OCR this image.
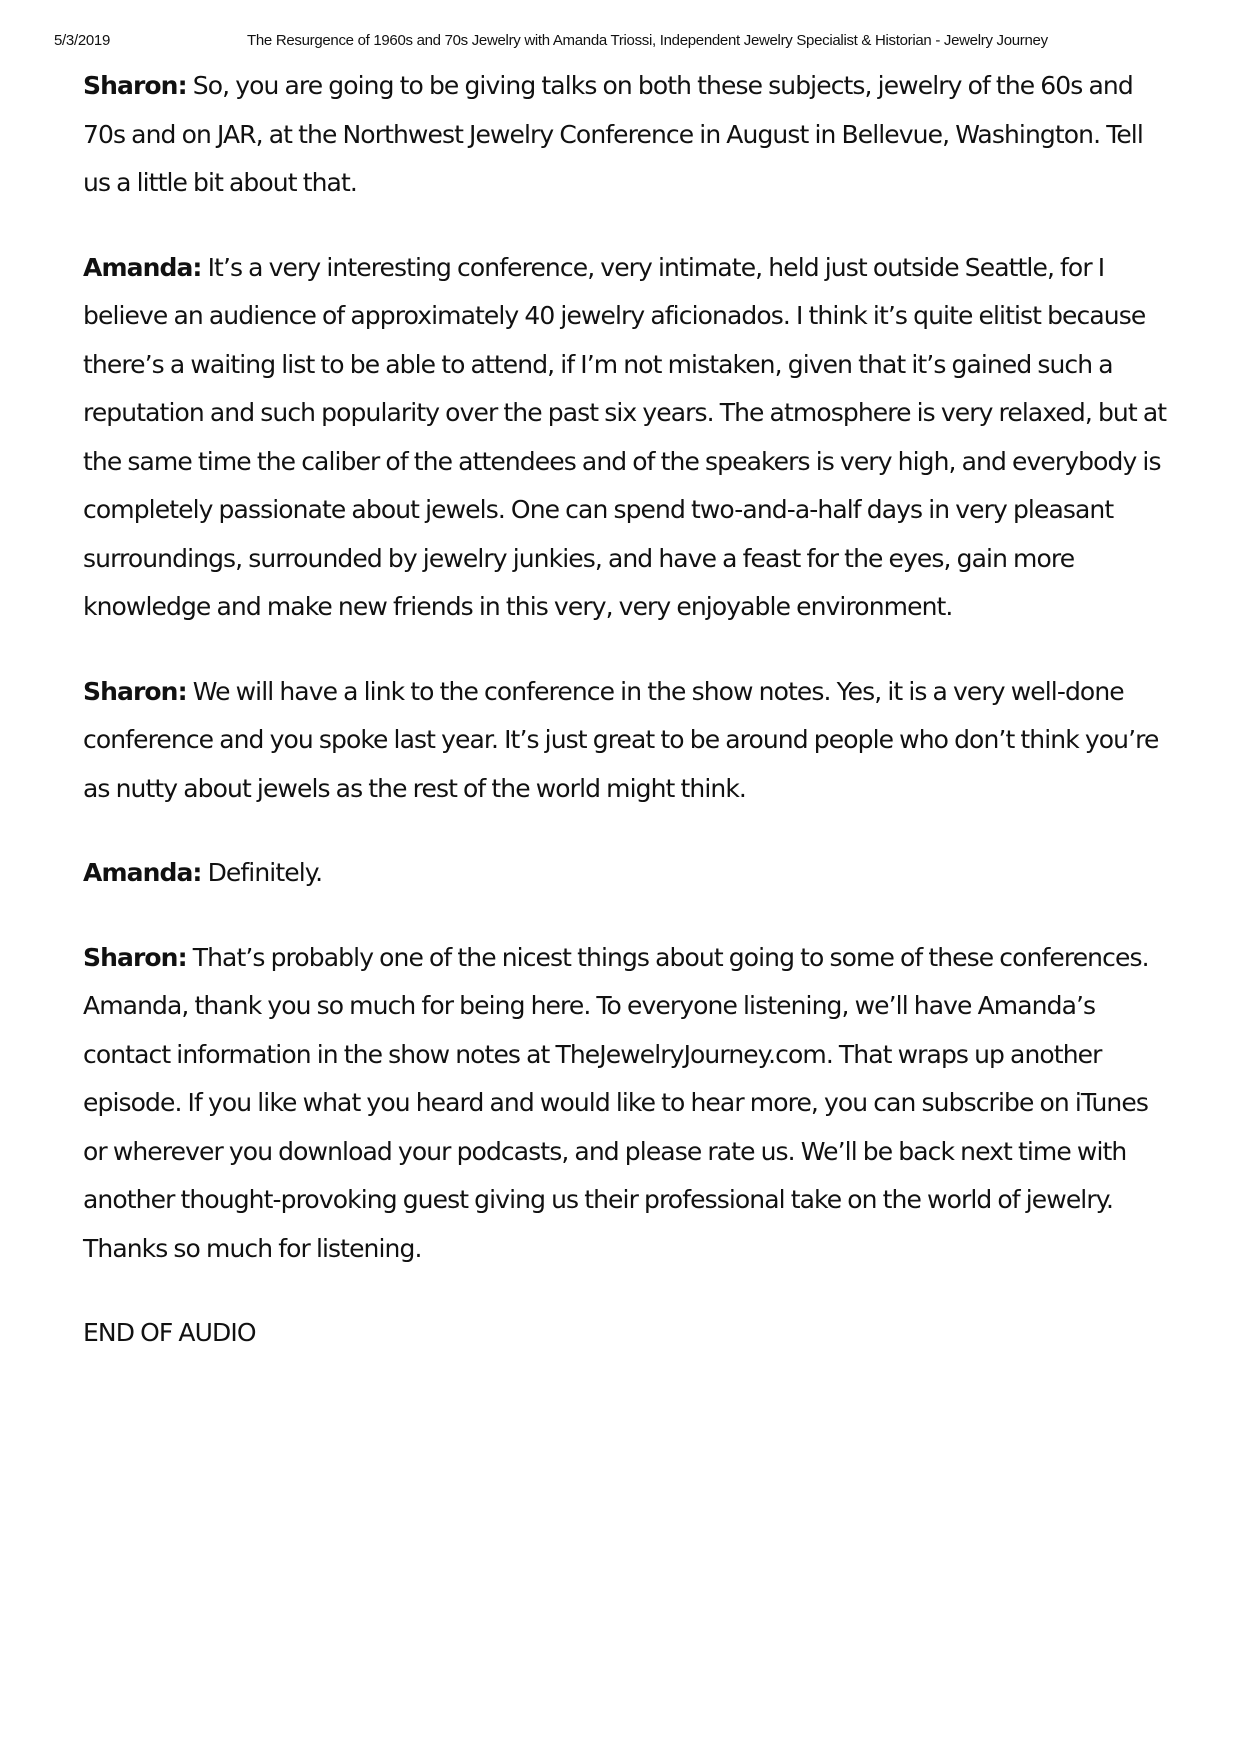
5/3/2019	The Resurgence of 1960s and 70s Jewelry with Amanda Triossi, Independent Jewelry Specialist & Historian - Jewelry Journey

Sharon: So, you are going to be giving talks on both these subjects, jewelry of the 60s and 70s and on JAR, at the Northwest Jewelry Conference in August in Bellevue, Washington. Tell us a little bit about that.

Amanda: It’s a very interesting conference, very intimate, held just outside Seattle, for I believe an audience of approximately 40 jewelry aficionados. I think it’s quite elitist because there’s a waiting list to be able to attend, if I’m not mistaken, given that it’s gained such a reputation and such popularity over the past six years. The atmosphere is very relaxed, but at the same time the caliber of the attendees and of the speakers is very high, and everybody is completely passionate about jewels. One can spend two-and-a-half days in very pleasant surroundings, surrounded by jewelry junkies, and have a feast for the eyes, gain more knowledge and make new friends in this very, very enjoyable environment.

Sharon: We will have a link to the conference in the show notes. Yes, it is a very well-done conference and you spoke last year. It’s just great to be around people who don’t think you’re as nutty about jewels as the rest of the world might think.

Amanda: Definitely.

Sharon: That’s probably one of the nicest things about going to some of these conferences. Amanda, thank you so much for being here. To everyone listening, we’ll have Amanda’s contact information in the show notes at TheJewelryJourney.com. That wraps up another episode. If you like what you heard and would like to hear more, you can subscribe on iTunes or wherever you download your podcasts, and please rate us. We’ll be back next time with another thought-provoking guest giving us their professional take on the world of jewelry. Thanks so much for listening.

END OF AUDIO
